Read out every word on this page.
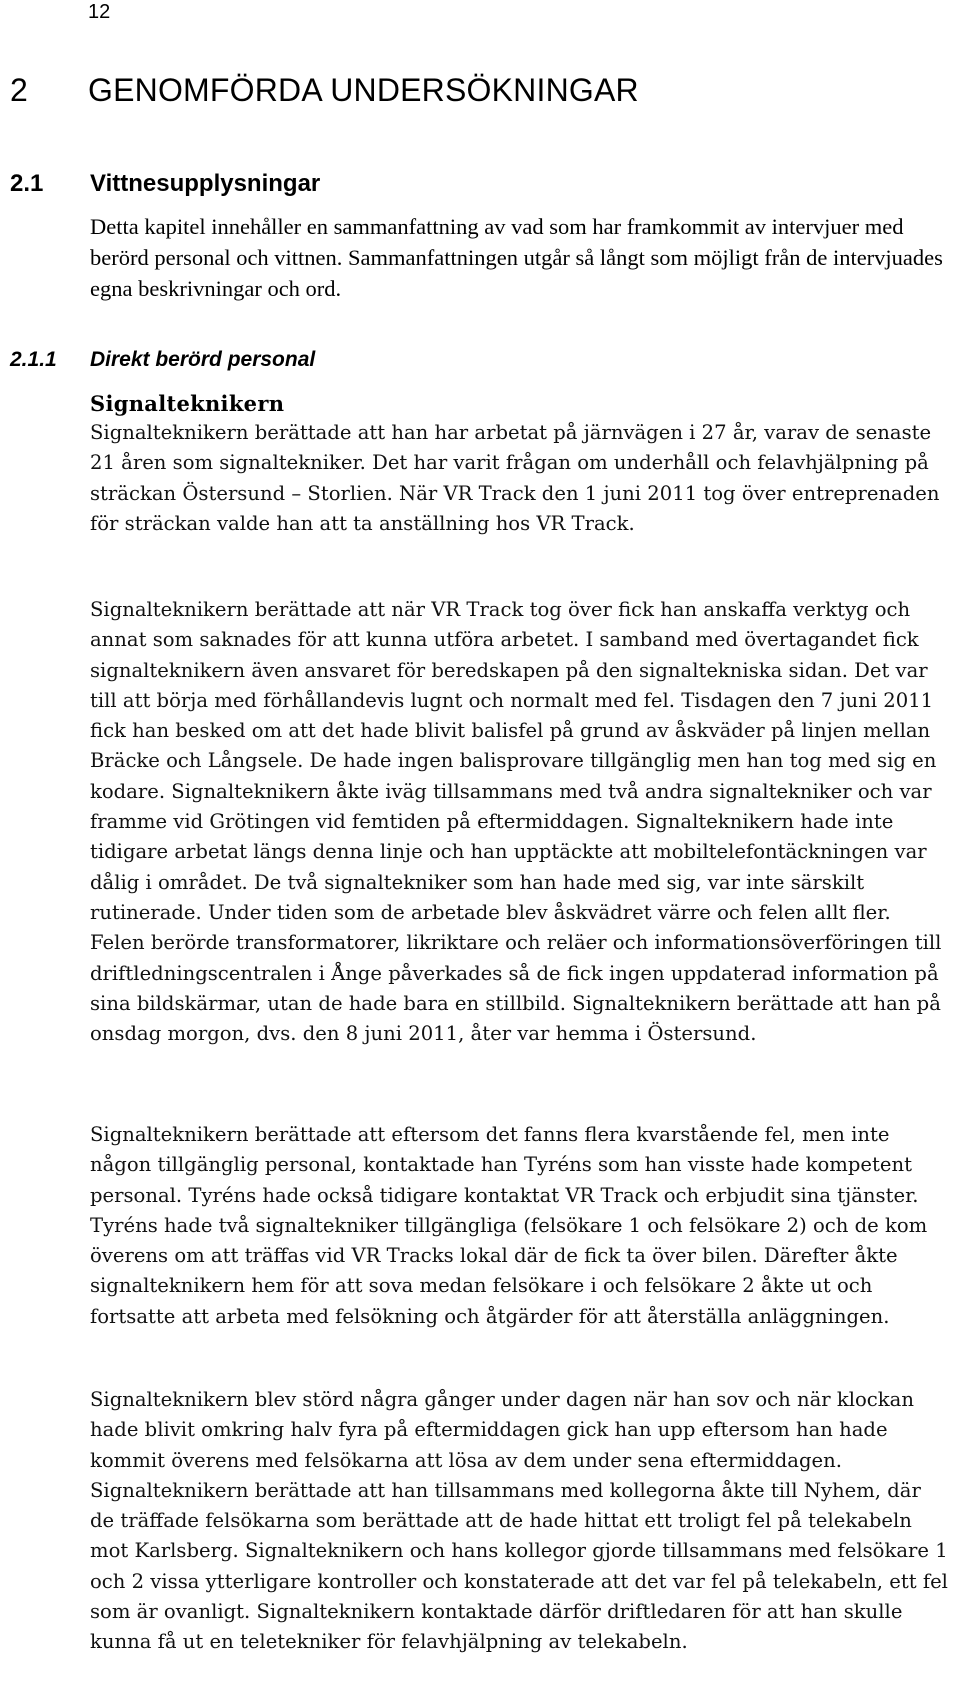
12
2 GENOMFÖRDA UNDERSÖKNINGAR
2.1 Vittnesupplysningar

Detta kapitel innehåller en sammanfattning av vad som har framkommit av intervjuer med berörd personal och vittnen. Sammanfattningen utgår så långt som möjligt från de intervjuades egna beskrivningar och ord.

2.1.1 Direkt berörd personal
Signalteknikern

Signalteknikern berättade att han har arbetat på järnvägen i 27 år, varav de senaste 21 åren som signaltekniker. Det har varit frågan om underhåll och felavhjälpning på sträckan Östersund – Storlien. När VR Track den 1 juni 2011 tog över entreprenaden för sträckan valde han att ta anställning hos VR Track.

Signalteknikern berättade att när VR Track tog över fick han anskaffa verktyg och annat som saknades för att kunna utföra arbetet. I samband med övertagandet fick signalteknikern även ansvaret för beredskapen på den signaltekniska sidan. Det var till att börja med förhållandevis lugnt och normalt med fel. Tisdagen den 7 juni 2011 fick han besked om att det hade blivit balisfel på grund av åskväder på linjen mellan Bräcke och Långsele. De hade ingen balisprovare tillgänglig men han tog med sig en kodare. Signalteknikern åkte iväg tillsammans med två andra signaltekniker och var framme vid Grötingen vid femtiden på eftermiddagen. Signalteknikern hade inte tidigare arbetat längs denna linje och han upptäckte att mobiltelefontäckningen var dålig i området. De två signaltekniker som han hade med sig, var inte särskilt rutinerade. Under tiden som de arbetade blev åskvädret värre och felen allt fler. Felen berörde transformatorer, likriktare och reläer och informationsöverföringen till driftledningscentralen i Ånge påverkades så de fick ingen uppdaterad information på sina bildskärmar, utan de hade bara en stillbild. Signalteknikern berättade att han på onsdag morgon, dvs. den 8 juni 2011, åter var hemma i Östersund.

Signalteknikern berättade att eftersom det fanns flera kvarstående fel, men inte någon tillgänglig personal, kontaktade han Tyréns som han visste hade kompetent personal. Tyréns hade också tidigare kontaktat VR Track och erbjudit sina tjänster. Tyréns hade två signaltekniker tillgängliga (felsökare 1 och felsökare 2) och de kom överens om att träffas vid VR Tracks lokal där de fick ta över bilen. Därefter åkte signalteknikern hem för att sova medan felsökare i och felsökare 2 åkte ut och fortsatte att arbeta med felsökning och åtgärder för att återställa anläggningen.

Signalteknikern blev störd några gånger under dagen när han sov och när klockan hade blivit omkring halv fyra på eftermiddagen gick han upp eftersom han hade kommit överens med felsökarna att lösa av dem under sena eftermiddagen. Signalteknikern berättade att han tillsammans med kollegorna åkte till Nyhem, där de träffade felsökarna som berättade att de hade hittat ett troligt fel på telekabeln mot Karlsberg. Signalteknikern och hans kollegor gjorde tillsammans med felsökare 1 och 2 vissa ytterligare kontroller och konstaterade att det var fel på telekabeln, ett fel som är ovanligt. Signalteknikern kontaktade därför driftledaren för att han skulle kunna få ut en teletekniker för felavhjälpning av telekabeln.
